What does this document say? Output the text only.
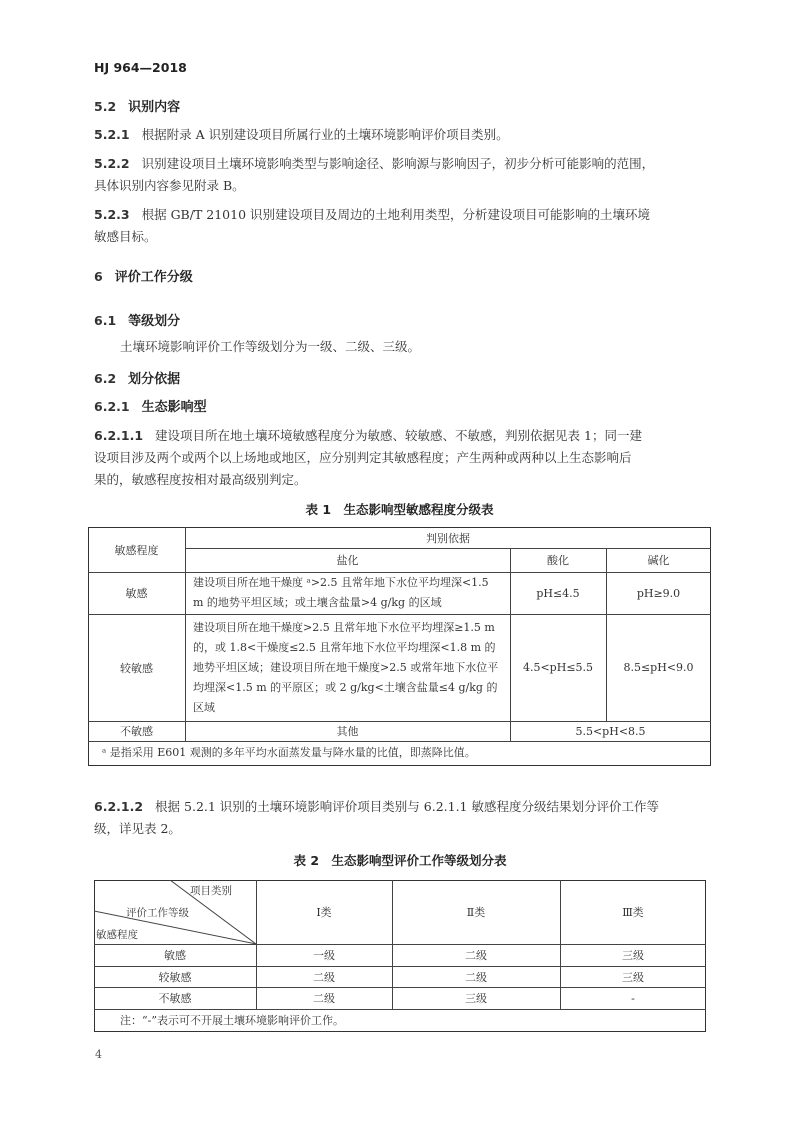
HJ 964—2018
5.2 识别内容
5.2.1 根据附录 A 识别建设项目所属行业的土壤环境影响评价项目类别。
5.2.2 识别建设项目土壤环境影响类型与影响途径、影响源与影响因子，初步分析可能影响的范围，
具体识别内容参见附录 B。
5.2.3 根据 GB/T 21010 识别建设项目及周边的土地利用类型，分析建设项目可能影响的土壤环境
敏感目标。
6 评价工作分级
6.1 等级划分
土壤环境影响评价工作等级划分为一级、二级、三级。
6.2 划分依据
6.2.1 生态影响型
6.2.1.1 建设项目所在地土壤环境敏感程度分为敏感、较敏感、不敏感，判别依据见表 1；同一建
设项目涉及两个或两个以上场地或地区，应分别判定其敏感程度；产生两种或两种以上生态影响后
果的，敏感程度按相对最高级别判定。
表 1　生态影响型敏感程度分级表
敏感程度
判别依据
盐化	酸化	碱化
敏感
建设项目所在地干燥度 ᵃ>2.5 且常年地下水位平均埋深<1.5 m 的地势平坦区域；或土壤含盐量>4 g/kg 的区域
pH≤4.5	pH≥9.0
较敏感
建设项目所在地干燥度>2.5 且常年地下水位平均埋深≥1.5 m 的，或 1.8<干燥度≤2.5 且常年地下水位平均埋深<1.8 m 的地势平坦区域；建设项目所在地干燥度>2.5 或常年地下水位平均埋深<1.5 m 的平原区；或 2 g/kg<土壤含盐量≤4 g/kg 的区域
4.5<pH≤5.5	8.5≤pH<9.0
不敏感	其他	5.5<pH<8.5
ᵃ 是指采用 E601 观测的多年平均水面蒸发量与降水量的比值，即蒸降比值。
6.2.1.2 根据 5.2.1 识别的土壤环境影响评价项目类别与 6.2.1.1 敏感程度分级结果划分评价工作等
级，详见表 2。
表 2　生态影响型评价工作等级划分表
项目类别
评价工作等级
敏感程度
Ⅰ类	Ⅱ类	Ⅲ类
敏感	一级	二级	三级
较敏感	二级	二级	三级
不敏感	二级	三级	-
注：“-”表示可不开展土壤环境影响评价工作。
4
